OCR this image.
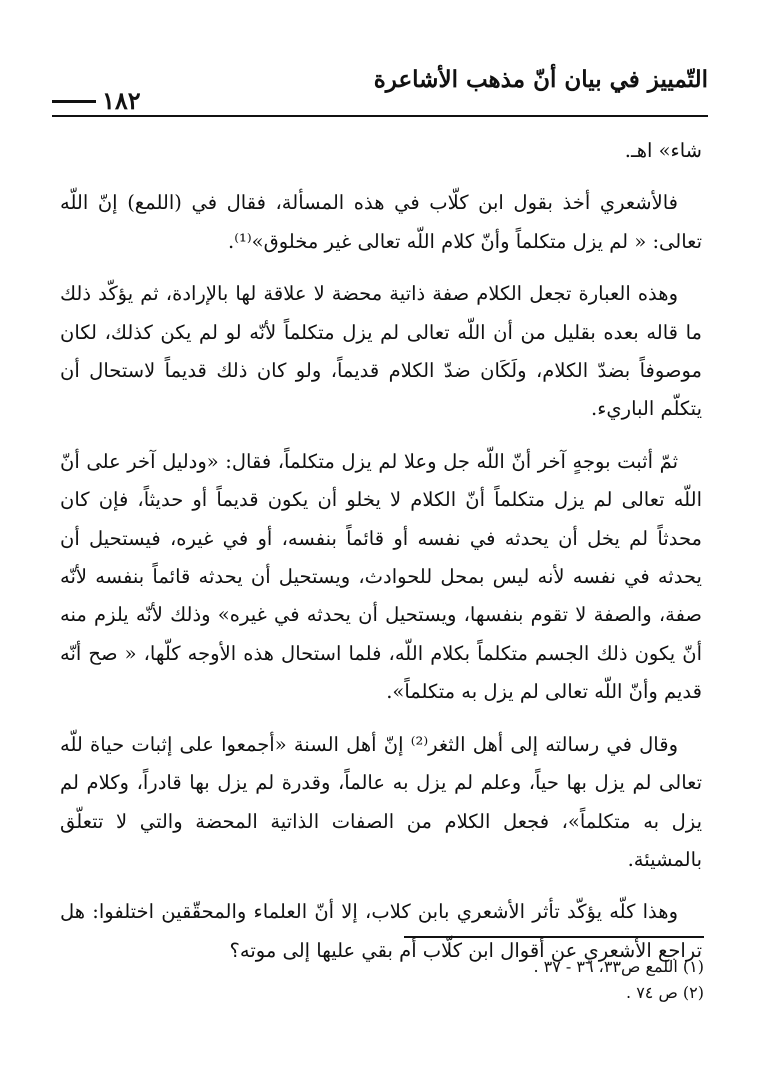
التّمييز في بيان أنّ مذهب الأشاعرة
١٨٢

شاء» اهـ.

فالأشعري أخذ بقول ابن كلّاب في هذه المسألة، فقال في (اللمع) إنّ اللّه تعالى: « لم يزل متكلماً وأنّ كلام اللّه تعالى غير مخلوق»⁽¹⁾.

وهذه العبارة تجعل الكلام صفة ذاتية محضة لا علاقة لها بالإرادة، ثم يؤكّد ذلك ما قاله بعده بقليل من أن اللّه تعالى لم يزل متكلماً لأنّه لو لم يكن كذلك، لكان موصوفاً بضدّ الكلام، ولَكَان ضدّ الكلام قديماً، ولو كان ذلك قديماً لاستحال أن يتكلّم الباريء.

ثمّ أثبت بوجهٍ آخر أنّ اللّه جل وعلا لم يزل متكلماً، فقال: «ودليل آخر على أنّ اللّه تعالى لم يزل متكلماً أنّ الكلام لا يخلو أن يكون قديماً أو حديثاً، فإن كان محدثاً لم يخل أن يحدثه في نفسه أو قائماً بنفسه، أو في غيره، فيستحيل أن يحدثه في نفسه لأنه ليس بمحل للحوادث، ويستحيل أن يحدثه قائماً بنفسه لأنّه صفة، والصفة لا تقوم بنفسها، ويستحيل أن يحدثه في غيره» وذلك لأنّه يلزم منه أنّ يكون ذلك الجسم متكلماً بكلام اللّه، فلما استحال هذه الأوجه كلّها، « صح أنّه قديم وأنّ اللّه تعالى لم يزل به متكلماً».

وقال في رسالته إلى أهل الثغر⁽²⁾ إنّ أهل السنة «أجمعوا على إثبات حياة للّه تعالى لم يزل بها حياً، وعلم لم يزل به عالماً، وقدرة لم يزل بها قادراً، وكلام لم يزل به متكلماً»، فجعل الكلام من الصفات الذاتية المحضة والتي لا تتعلّق بالمشيئة.

وهذا كلّه يؤكّد تأثر الأشعري بابن كلاب، إلا أنّ العلماء والمحقّقين اختلفوا: هل تراجع الأشعري عن أقوال ابن كلّاب أم بقي عليها إلى موته؟

(١) اللمع ص٣٣، ٣٦ - ٣٧ .
(٢) ص ٧٤ .
